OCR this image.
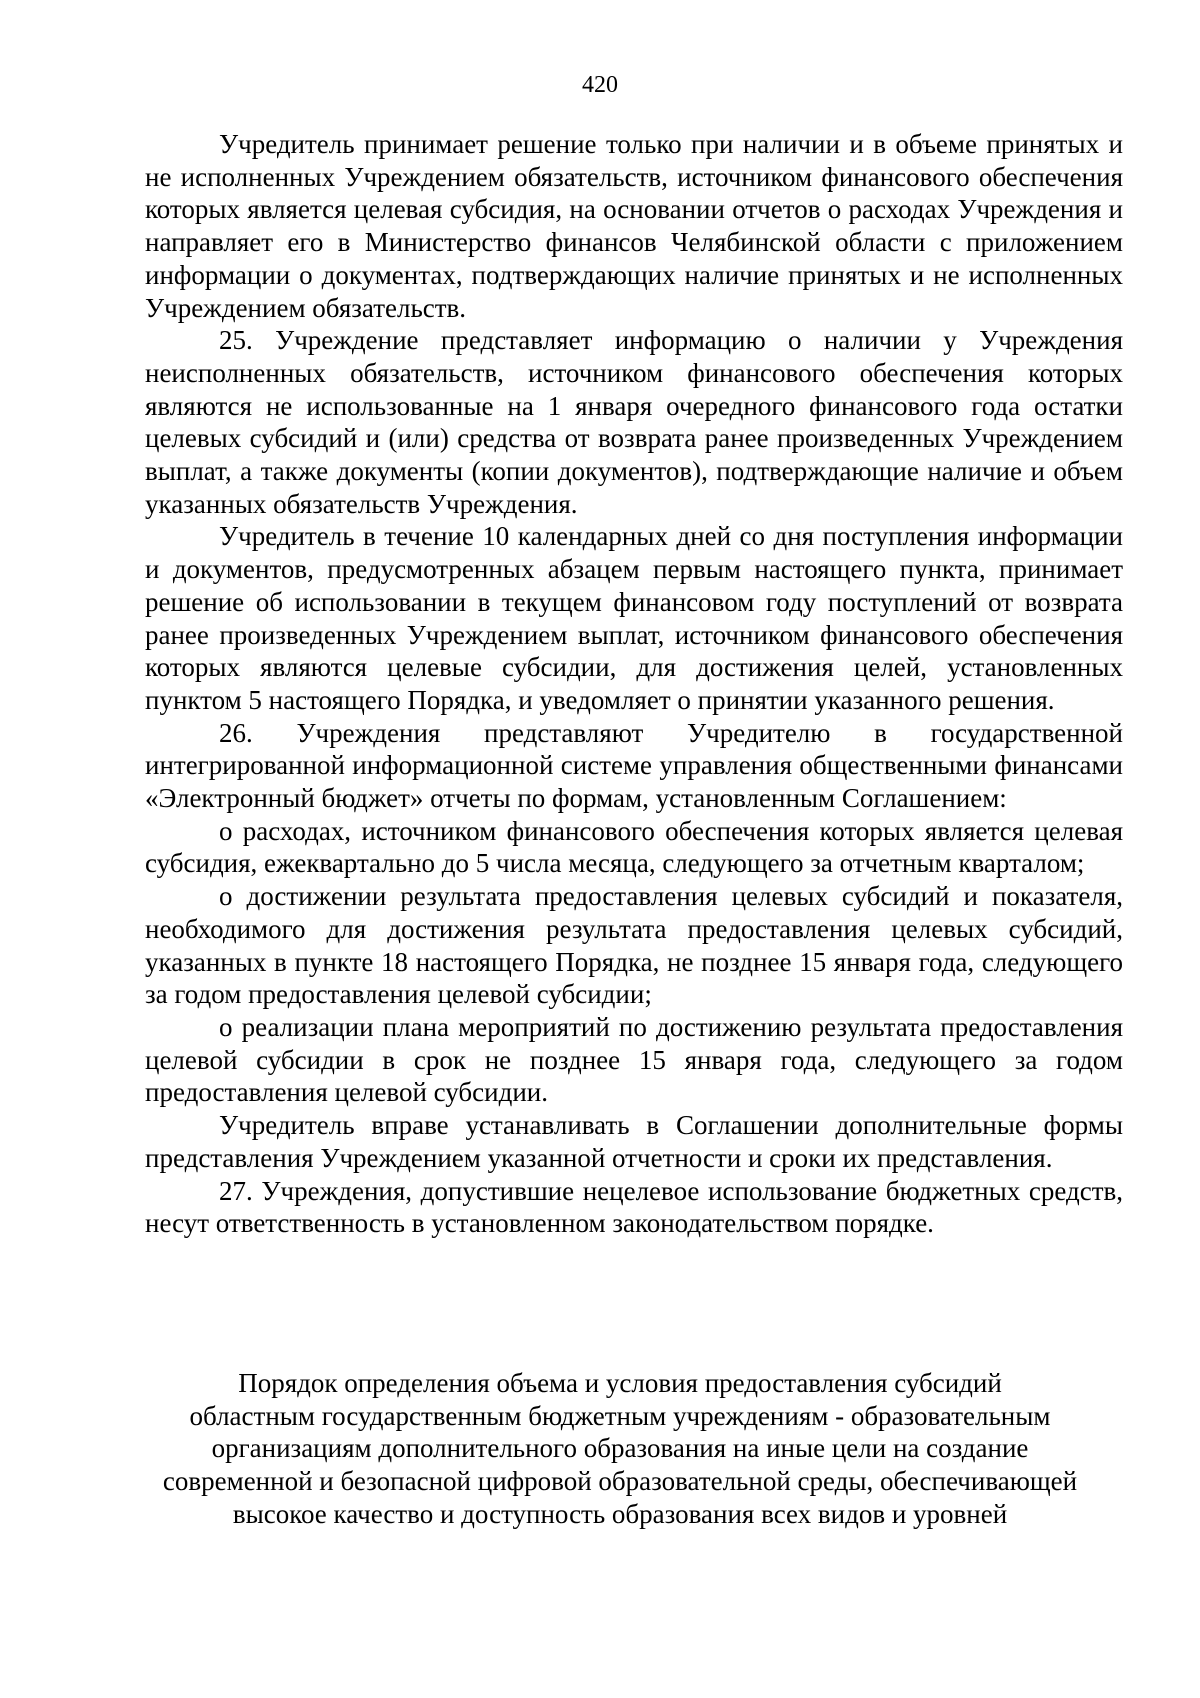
420

Учредитель принимает решение только при наличии и в объеме принятых и не исполненных Учреждением обязательств, источником финансового обеспечения которых является целевая субсидия, на основании отчетов о расходах Учреждения и направляет его в Министерство финансов Челябинской области с приложением информации о документах, подтверждающих наличие принятых и не исполненных Учреждением обязательств.

25. Учреждение представляет информацию о наличии у Учреждения неисполненных обязательств, источником финансового обеспечения которых являются не использованные на 1 января очередного финансового года остатки целевых субсидий и (или) средства от возврата ранее произведенных Учреждением выплат, а также документы (копии документов), подтверждающие наличие и объем указанных обязательств Учреждения.

Учредитель в течение 10 календарных дней со дня поступления информации и документов, предусмотренных абзацем первым настоящего пункта, принимает решение об использовании в текущем финансовом году поступлений от возврата ранее произведенных Учреждением выплат, источником финансового обеспечения которых являются целевые субсидии, для достижения целей, установленных пунктом 5 настоящего Порядка, и уведомляет о принятии указанного решения.

26. Учреждения представляют Учредителю в государственной интегрированной информационной системе управления общественными финансами «Электронный бюджет» отчеты по формам, установленным Соглашением:

о расходах, источником финансового обеспечения которых является целевая субсидия, ежеквартально до 5 числа месяца, следующего за отчетным кварталом;

о достижении результата предоставления целевых субсидий и показателя, необходимого для достижения результата предоставления целевых субсидий, указанных в пункте 18 настоящего Порядка, не позднее 15 января года, следующего за годом предоставления целевой субсидии;

о реализации плана мероприятий по достижению результата предоставления целевой субсидии в срок не позднее 15 января года, следующего за годом предоставления целевой субсидии.

Учредитель вправе устанавливать в Соглашении дополнительные формы представления Учреждением указанной отчетности и сроки их представления.

27. Учреждения, допустившие нецелевое использование бюджетных средств, несут ответственность в установленном законодательством порядке.

Порядок определения объема и условия предоставления субсидий
областным государственным бюджетным учреждениям - образовательным
организациям дополнительного образования на иные цели на создание
современной и безопасной цифровой образовательной среды, обеспечивающей
высокое качество и доступность образования всех видов и уровней
